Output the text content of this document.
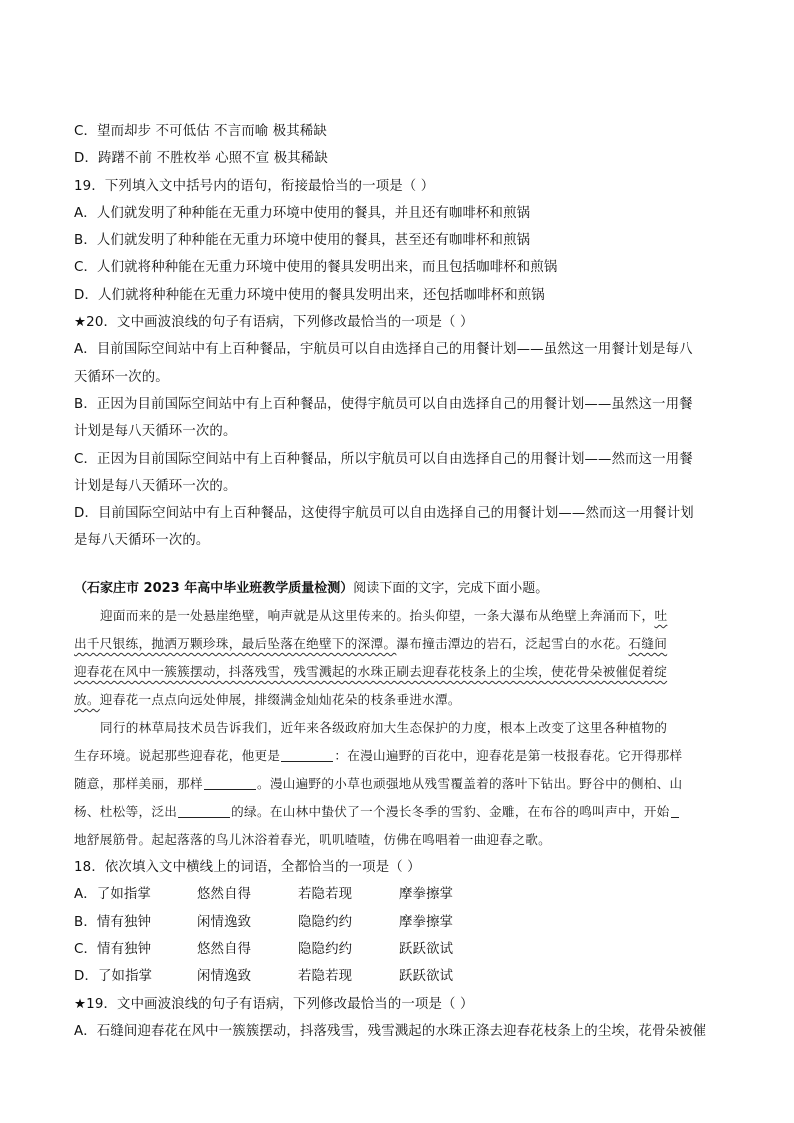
C．望而却步 不可低估 不言而喻 极其稀缺
D．踌躇不前 不胜枚举 心照不宣 极其稀缺
19．下列填入文中括号内的语句，衔接最恰当的一项是（ ）
A．人们就发明了种种能在无重力环境中使用的餐具，并且还有咖啡杯和煎锅
B．人们就发明了种种能在无重力环境中使用的餐具，甚至还有咖啡杯和煎锅
C．人们就将种种能在无重力环境中使用的餐具发明出来，而且包括咖啡杯和煎锅
D．人们就将种种能在无重力环境中使用的餐具发明出来，还包括咖啡杯和煎锅
★20．文中画波浪线的句子有语病，下列修改最恰当的一项是（ ）
A．目前国际空间站中有上百种餐品，宇航员可以自由选择自己的用餐计划——虽然这一用餐计划是每八
天循环一次的。
B．正因为目前国际空间站中有上百种餐品，使得宇航员可以自由选择自己的用餐计划——虽然这一用餐
计划是每八天循环一次的。
C．正因为目前国际空间站中有上百种餐品，所以宇航员可以自由选择自己的用餐计划——然而这一用餐
计划是每八天循环一次的。
D．目前国际空间站中有上百种餐品，这使得宇航员可以自由选择自己的用餐计划——然而这一用餐计划
是每八天循环一次的。
（石家庄市 2023 年高中毕业班教学质量检测）阅读下面的文字，完成下面小题。
迎面而来的是一处悬崖绝壁，响声就是从这里传来的。抬头仰望，一条大瀑布从绝壁上奔涌而下，吐
出千尺银练，抛洒万颗珍珠，最后坠落在绝壁下的深潭。瀑布撞击潭边的岩石，泛起雪白的水花。石缝间
迎春花在风中一簇簇摆动，抖落残雪，残雪溅起的水珠正刷去迎春花枝条上的尘埃，使花骨朵被催促着绽
放。迎春花一点点向远处伸展，排缀满金灿灿花朵的枝条垂进水潭。
同行的林草局技术员告诉我们，近年来各级政府加大生态保护的力度，根本上改变了这里各种植物的
生存环境。说起那些迎春花，他更是	：在漫山遍野的百花中，迎春花是第一枝报春花。它开得那样
随意，那样美丽，那样	。漫山遍野的小草也顽强地从残雪覆盖着的落叶下钻出。野谷中的侧柏、山
杨、杜松等，泛出	的绿。在山林中蛰伏了一个漫长冬季的雪豹、金雕，在布谷的鸣叫声中，开始
地舒展筋骨。起起落落的鸟儿沐浴着春光，叽叽喳喳，仿佛在鸣唱着一曲迎春之歌。
18．依次填入文中横线上的词语，全都恰当的一项是（ ）
A．了如指掌	悠然自得	若隐若现	摩拳擦掌
B．情有独钟	闲情逸致	隐隐约约	摩拳擦掌
C．情有独钟	悠然自得	隐隐约约	跃跃欲试
D．了如指掌	闲情逸致	若隐若现	跃跃欲试
★19．文中画波浪线的句子有语病，下列修改最恰当的一项是（ ）
A．石缝间迎春花在风中一簇簇摆动，抖落残雪，残雪溅起的水珠正涤去迎春花枝条上的尘埃，花骨朵被催
